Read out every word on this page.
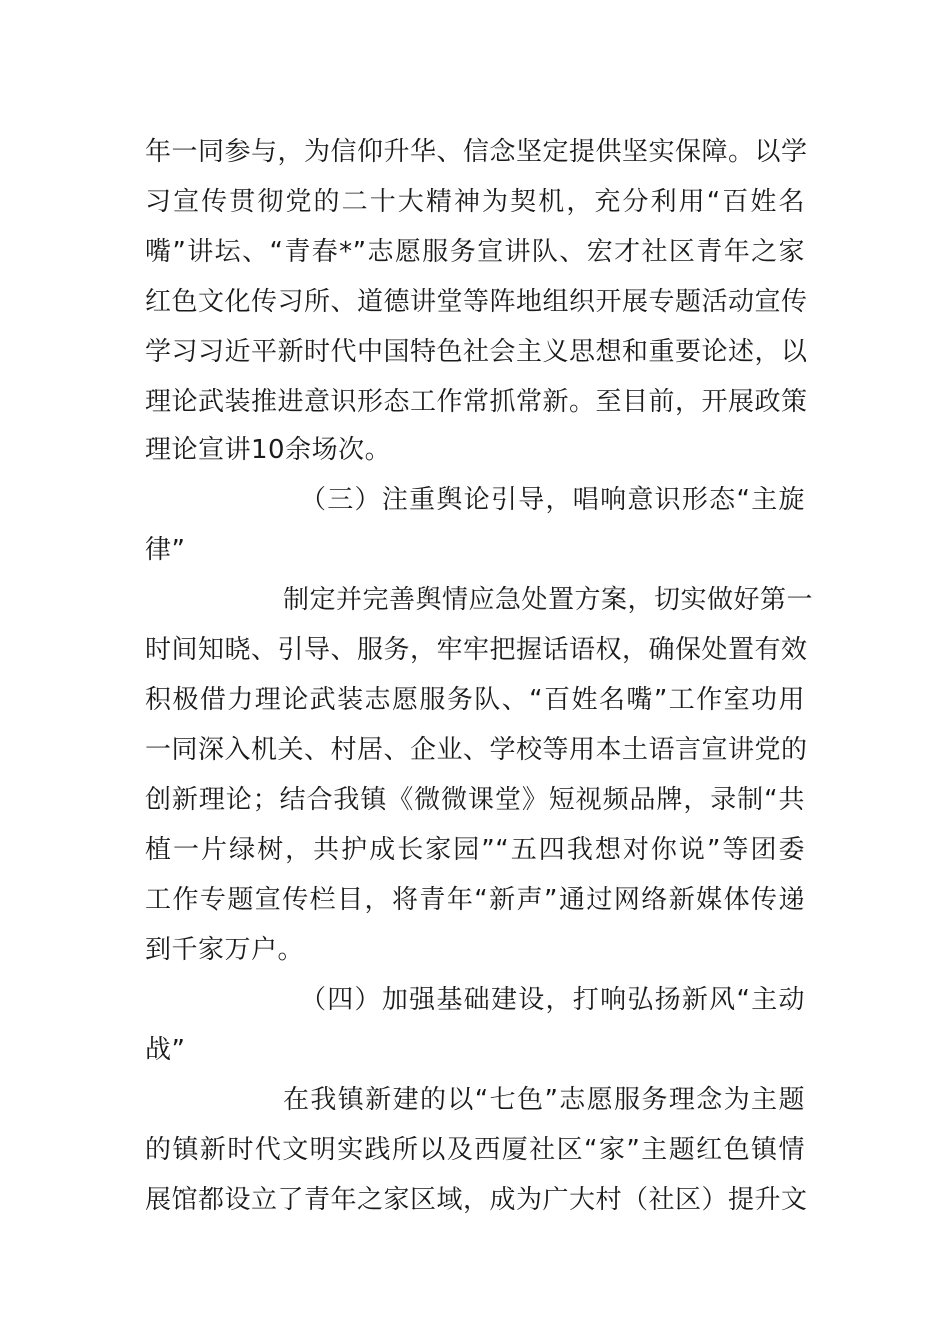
年一同参与，为信仰升华、信念坚定提供坚实保障。以学
习宣传贯彻党的二十大精神为契机，充分利用“百姓名
嘴”讲坛、“青春*”志愿服务宣讲队、宏才社区青年之家
红色文化传习所、道德讲堂等阵地组织开展专题活动宣传
学习习近平新时代中国特色社会主义思想和重要论述，以
理论武装推进意识形态工作常抓常新。至目前，开展政策
理论宣讲10余场次。
（三）注重舆论引导，唱响意识形态“主旋
律”
制定并完善舆情应急处置方案，切实做好第一
时间知晓、引导、服务，牢牢把握话语权，确保处置有效
积极借力理论武装志愿服务队、“百姓名嘴”工作室功用
一同深入机关、村居、企业、学校等用本土语言宣讲党的
创新理论；结合我镇《微微课堂》短视频品牌，录制“共
植一片绿树，共护成长家园”“五四我想对你说”等团委
工作专题宣传栏目，将青年“新声”通过网络新媒体传递
到千家万户。
（四）加强基础建设，打响弘扬新风“主动
战”
在我镇新建的以“七色”志愿服务理念为主题
的镇新时代文明实践所以及西厦社区“家”主题红色镇情
展馆都设立了青年之家区域，成为广大村（社区）提升文
